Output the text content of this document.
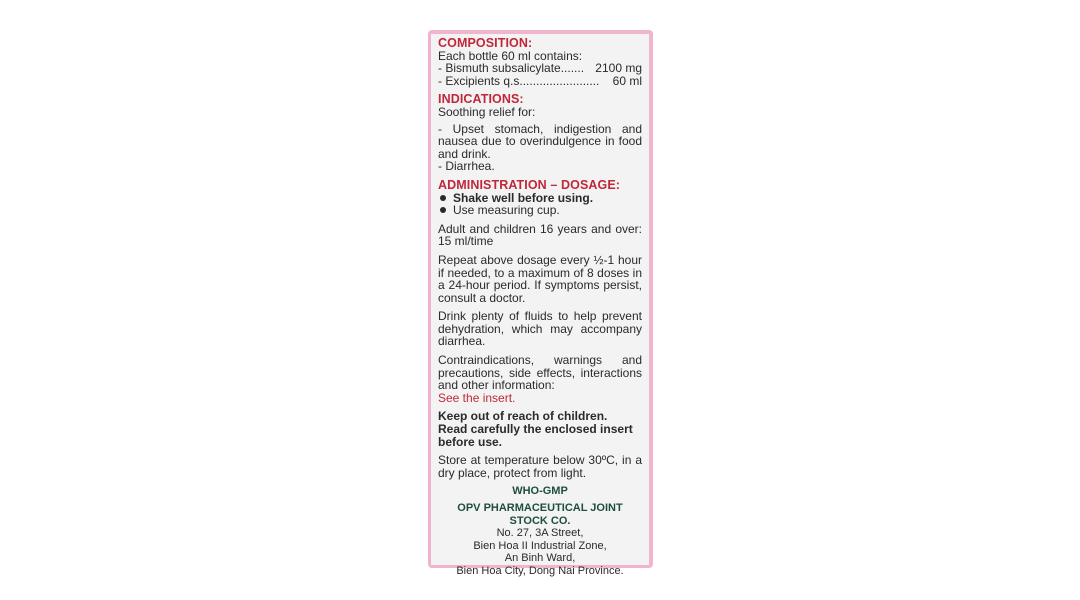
COMPOSITION:
Each bottle 60 ml contains:
- Bismuth subsalicylate....... 2100 mg
- Excipients q.s........................ 60 ml
INDICATIONS:
Soothing relief for:
- Upset stomach, indigestion and nausea due to overindulgence in food and drink.
- Diarrhea.
ADMINISTRATION – DOSAGE:
Shake well before using.
Use measuring cup.
Adult and children 16 years and over: 15 ml/time
Repeat above dosage every ½-1 hour if needed, to a maximum of 8 doses in a 24-hour period. If symptoms persist, consult a doctor.
Drink plenty of fluids to help prevent dehydration, which may accompany diarrhea.
Contraindications, warnings and precautions, side effects, interactions and other information:
See the insert.
Keep out of reach of children.
Read carefully the enclosed insert before use.
Store at temperature below 30ºC, in a dry place, protect from light.
WHO-GMP
OPV PHARMACEUTICAL JOINT STOCK CO.
No. 27, 3A Street,
Bien Hoa II Industrial Zone,
An Binh Ward,
Bien Hoa City, Dong Nai Province.
